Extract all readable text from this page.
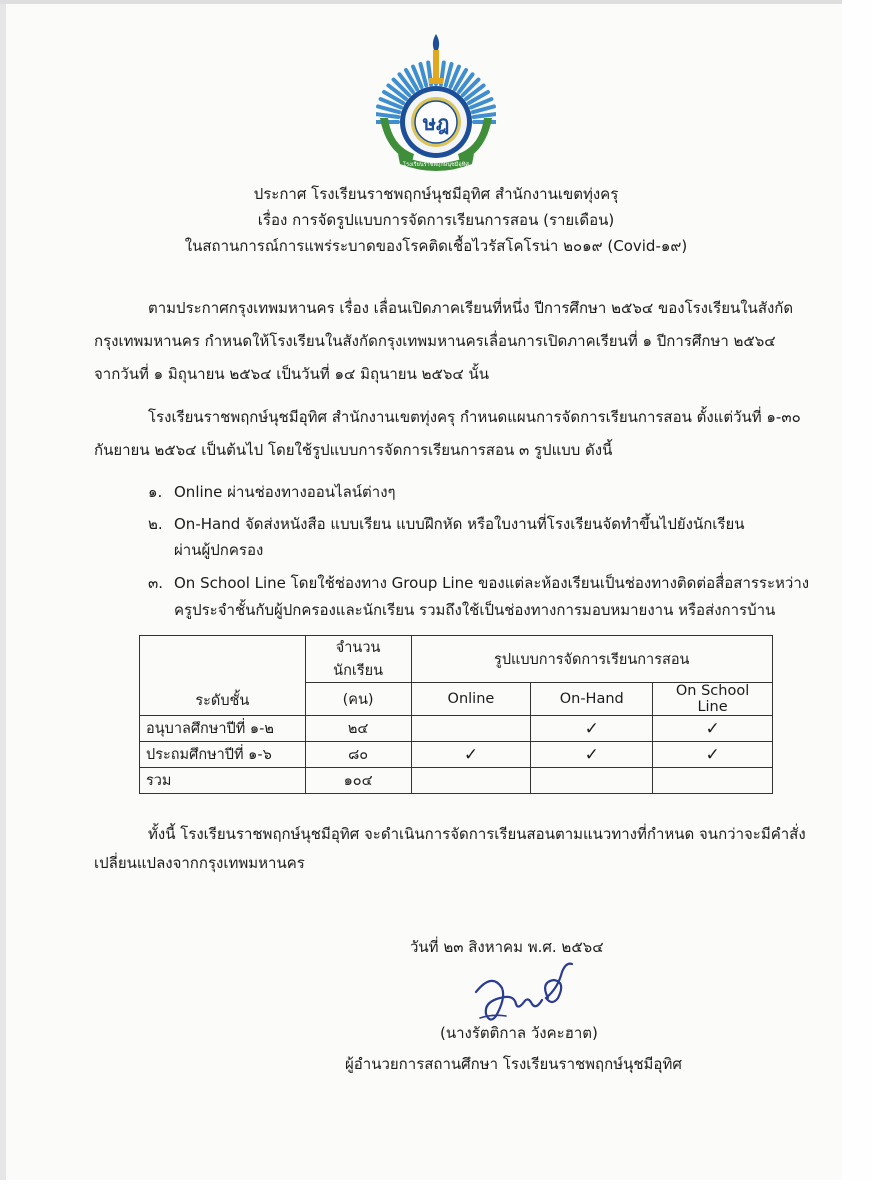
ษฎ
โรงเรียนราชพฤกษ์นุชมีอุทิศ
ประกาศ โรงเรียนราชพฤกษ์นุชมีอุทิศ สำนักงานเขตทุ่งครุ
เรื่อง การจัดรูปแบบการจัดการเรียนการสอน (รายเดือน)
ในสถานการณ์การแพร่ระบาดของโรคติดเชื้อไวรัสโคโรน่า ๒๐๑๙ (Covid-๑๙)
ตามประกาศกรุงเทพมหานคร เรื่อง เลื่อนเปิดภาคเรียนที่หนึ่ง ปีการศึกษา ๒๕๖๔ ของโรงเรียนในสังกัด
กรุงเทพมหานคร กำหนดให้โรงเรียนในสังกัดกรุงเทพมหานครเลื่อนการเปิดภาคเรียนที่ ๑ ปีการศึกษา ๒๕๖๔
จากวันที่ ๑ มิถุนายน ๒๕๖๔ เป็นวันที่ ๑๔ มิถุนายน ๒๕๖๔ นั้น
โรงเรียนราชพฤกษ์นุชมีอุทิศ สำนักงานเขตทุ่งครุ กำหนดแผนการจัดการเรียนการสอน ตั้งแต่วันที่ ๑-๓๐
กันยายน ๒๕๖๔ เป็นต้นไป โดยใช้รูปแบบการจัดการเรียนการสอน ๓ รูปแบบ ดังนี้
๑. Online ผ่านช่องทางออนไลน์ต่างๆ
๒. On-Hand จัดส่งหนังสือ แบบเรียน แบบฝึกหัด หรือใบงานที่โรงเรียนจัดทำขึ้นไปยังนักเรียน
ผ่านผู้ปกครอง
๓. On School Line โดยใช้ช่องทาง Group Line ของแต่ละห้องเรียนเป็นช่องทางติดต่อสื่อสารระหว่าง
ครูประจำชั้นกับผู้ปกครองและนักเรียน รวมถึงใช้เป็นช่องทางการมอบหมายงาน หรือส่งการบ้าน
ระดับชั้น	จำนวนนักเรียน	รูปแบบการจัดการเรียนการสอน		
	(คน)	Online	On-Hand	On School Line
อนุบาลศึกษาปีที่ ๑-๒	๒๔		✓	✓
ประถมศึกษาปีที่ ๑-๖	๘๐	✓	✓	✓
รวม	๑๐๔			
ทั้งนี้ โรงเรียนราชพฤกษ์นุชมีอุทิศ จะดำเนินการจัดการเรียนสอนตามแนวทางที่กำหนด จนกว่าจะมีคำสั่ง
เปลี่ยนแปลงจากกรุงเทพมหานคร
วันที่ ๒๓ สิงหาคม พ.ศ. ๒๕๖๔
(นางรัตติกาล วังคะฮาต)
ผู้อำนวยการสถานศึกษา โรงเรียนราชพฤกษ์นุชมีอุทิศ
